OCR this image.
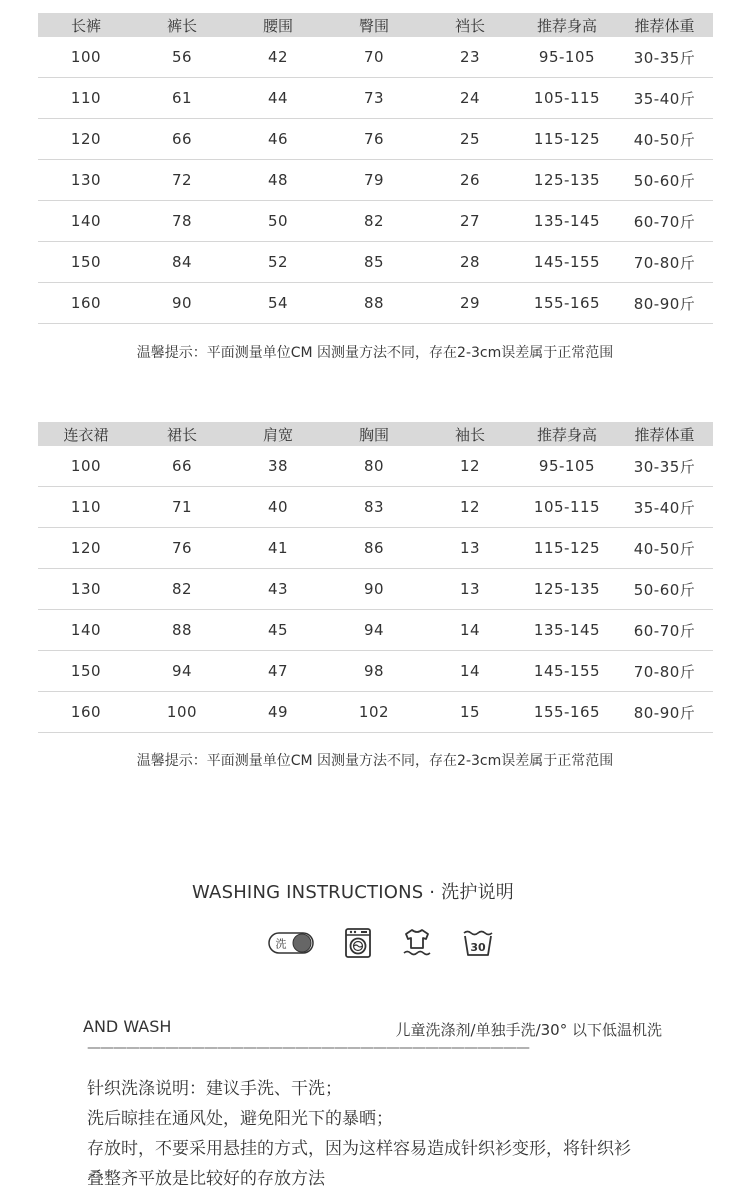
长裤	裤长	腰围	臀围	裆长	推荐身高	推荐体重
100	56	42	70	23	95-105	30-35斤
110	61	44	73	24	105-115	35-40斤
120	66	46	76	25	115-125	40-50斤
130	72	48	79	26	125-135	50-60斤
140	78	50	82	27	135-145	60-70斤
150	84	52	85	28	145-155	70-80斤
160	90	54	88	29	155-165	80-90斤
温馨提示：平面测量单位CM 因测量方法不同，存在2-3cm误差属于正常范围
连衣裙	裙长	肩宽	胸围	袖长	推荐身高	推荐体重
100	66	38	80	12	95-105	30-35斤
110	71	40	83	12	105-115	35-40斤
120	76	41	86	13	115-125	40-50斤
130	82	43	90	13	125-135	50-60斤
140	88	45	94	14	135-145	60-70斤
150	94	47	98	14	145-155	70-80斤
160	100	49	102	15	155-165	80-90斤
温馨提示：平面测量单位CM 因测量方法不同，存在2-3cm误差属于正常范围
WASHING INSTRUCTIONS · 洗护说明
洗	30
AND WASH	儿童洗涤剂/单独手洗/30° 以下低温机洗
——————————————————————————————————
针织洗涤说明：建议手洗、干洗；
洗后晾挂在通风处，避免阳光下的暴晒；
存放时，不要采用悬挂的方式，因为这样容易造成针织衫变形，将针织衫
叠整齐平放是比较好的存放方法
